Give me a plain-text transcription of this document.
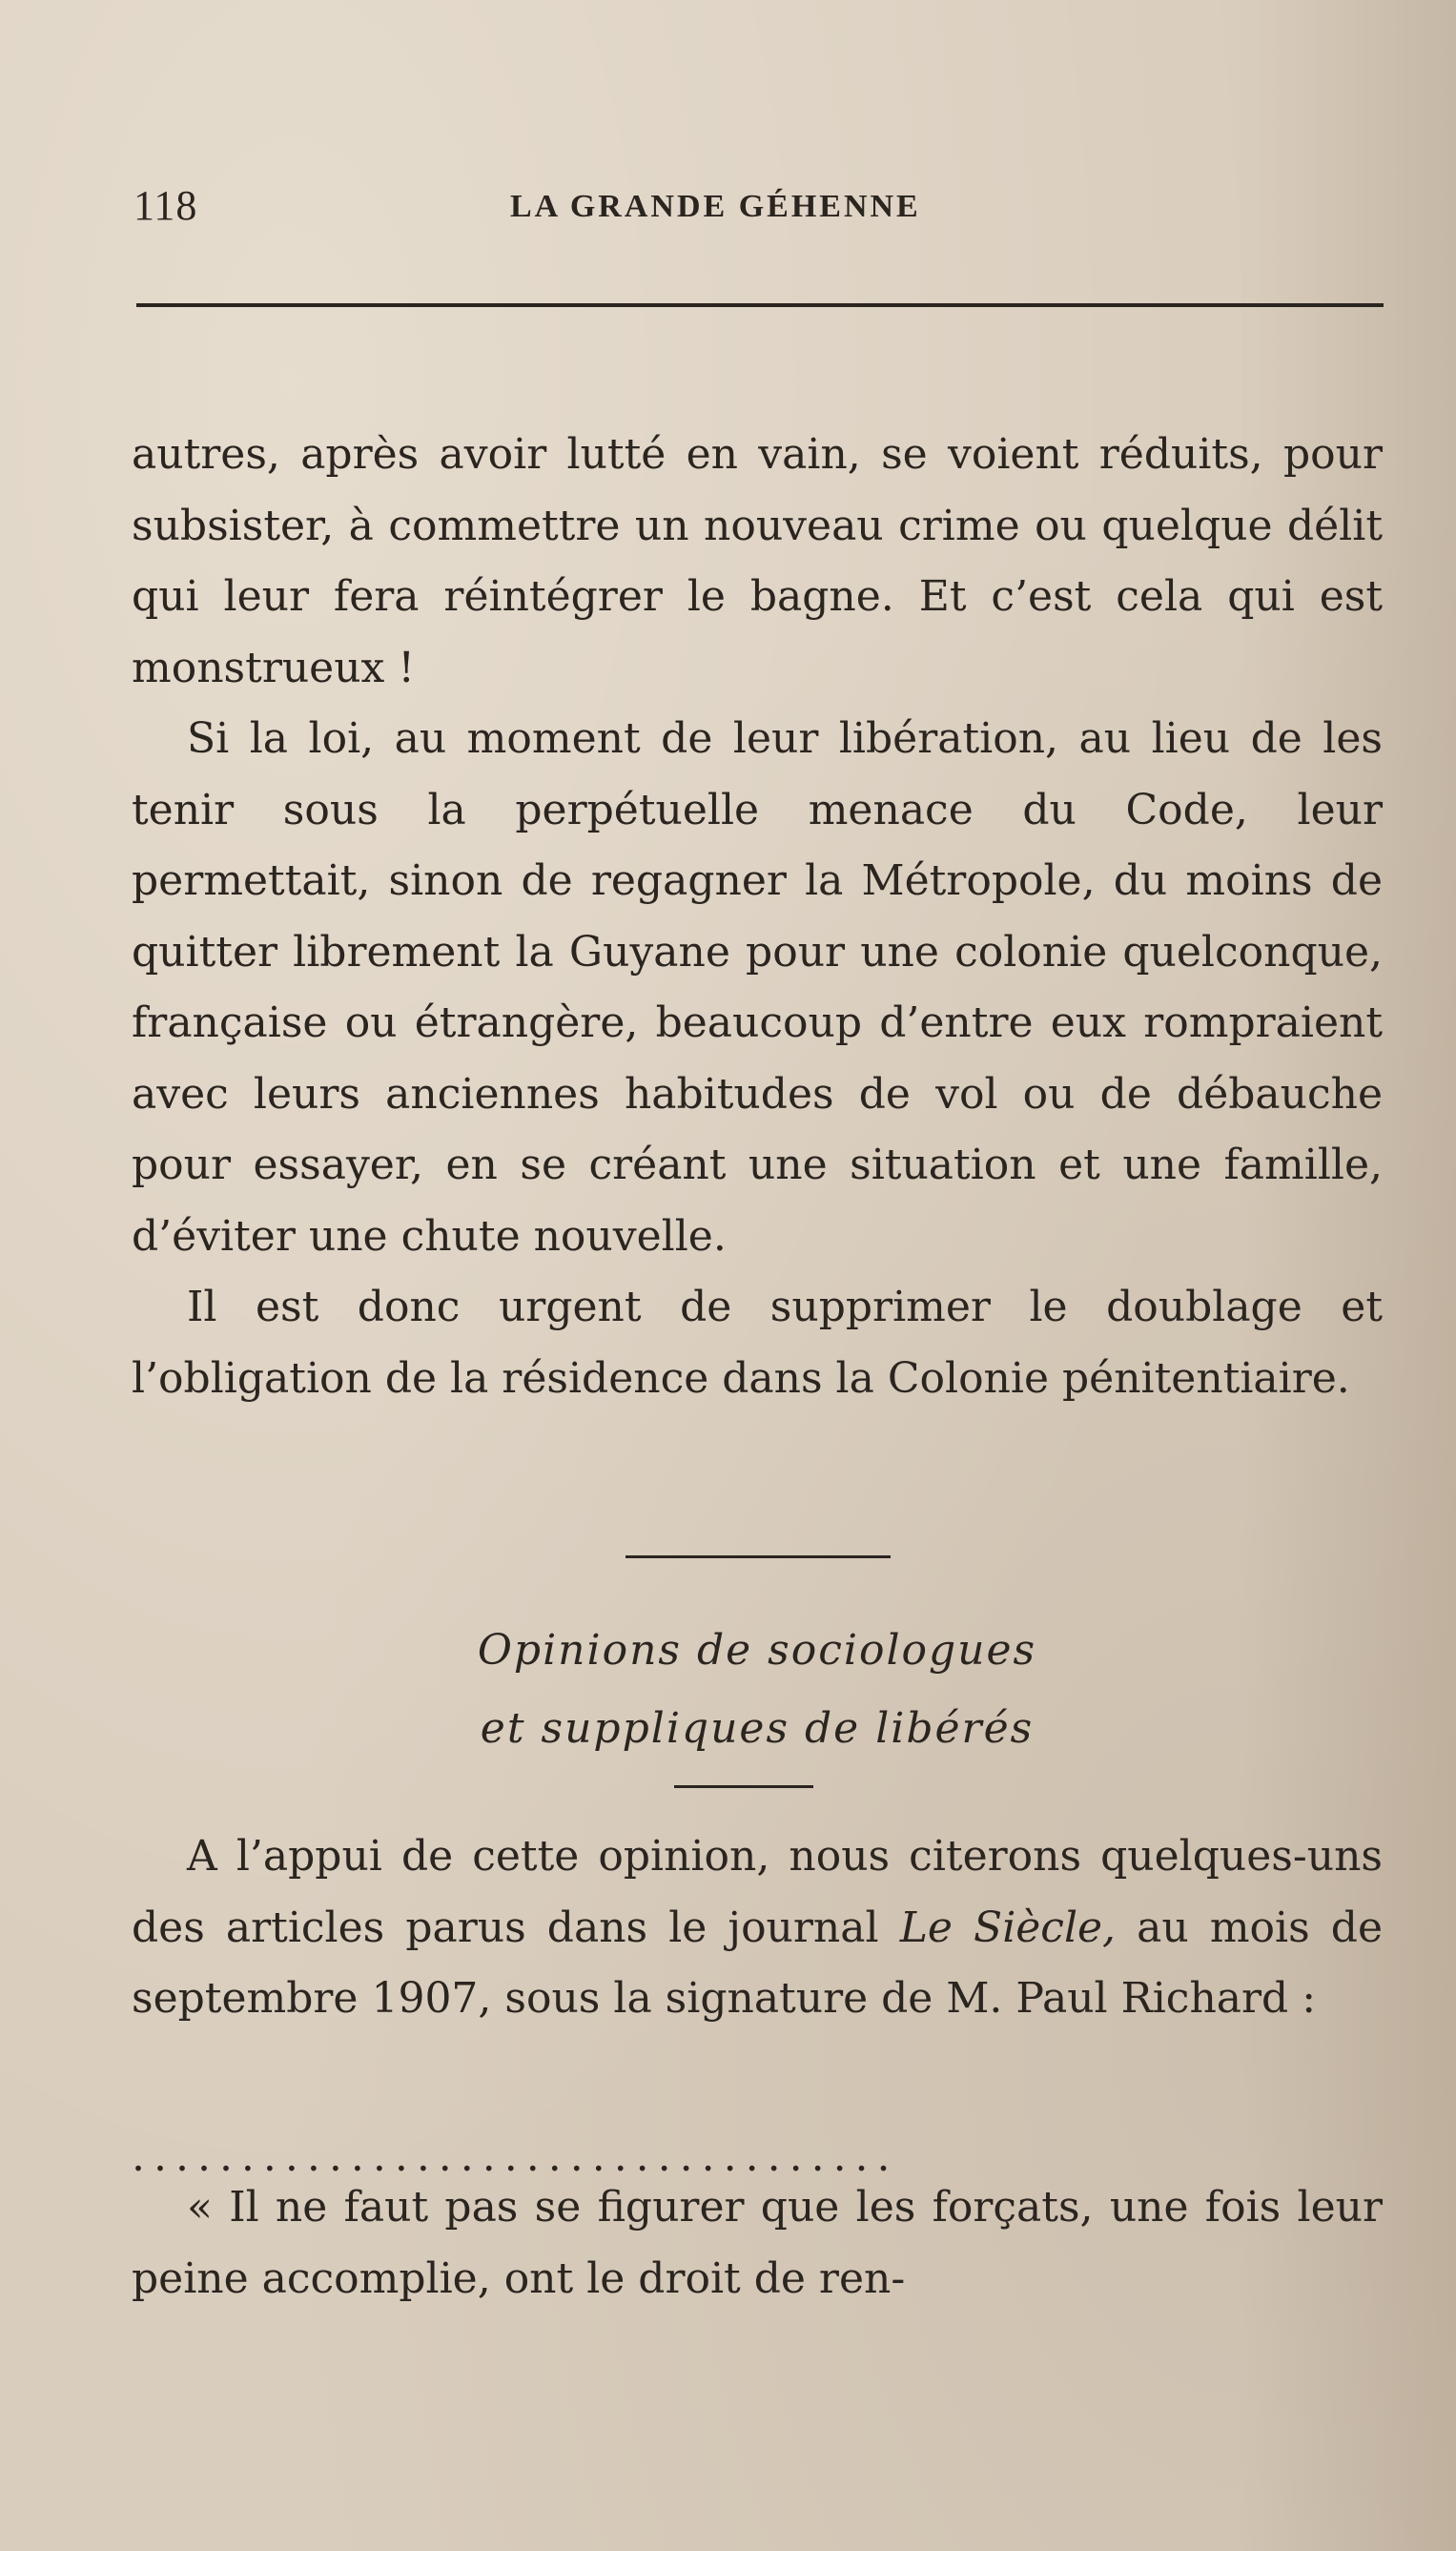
118	LA GRANDE GÉHENNE

autres, après avoir lutté en vain, se voient réduits, pour subsister, à commettre un nouveau crime ou quelque délit qui leur fera réintégrer le bagne. Et c’est cela qui est monstrueux !

Si la loi, au moment de leur libération, au lieu de les tenir sous la perpétuelle menace du Code, leur permettait, sinon de regagner la Métropole, du moins de quitter librement la Guyane pour une colonie quelconque, française ou étrangère, beaucoup d’entre eux rompraient avec leurs anciennes habitudes de vol ou de débauche pour essayer, en se créant une situation et une famille, d’éviter une chute nouvelle.

Il est donc urgent de supprimer le doublage et l’obligation de la résidence dans la Colonie pénitentiaire.

Opinions de sociologues
et suppliques de libérés

A l’appui de cette opinion, nous citerons quelques-uns des articles parus dans le journal Le Siècle, au mois de septembre 1907, sous la signature de M. Paul Richard :

...................................

« Il ne faut pas se figurer que les forçats, une fois leur peine accomplie, ont le droit de ren-
